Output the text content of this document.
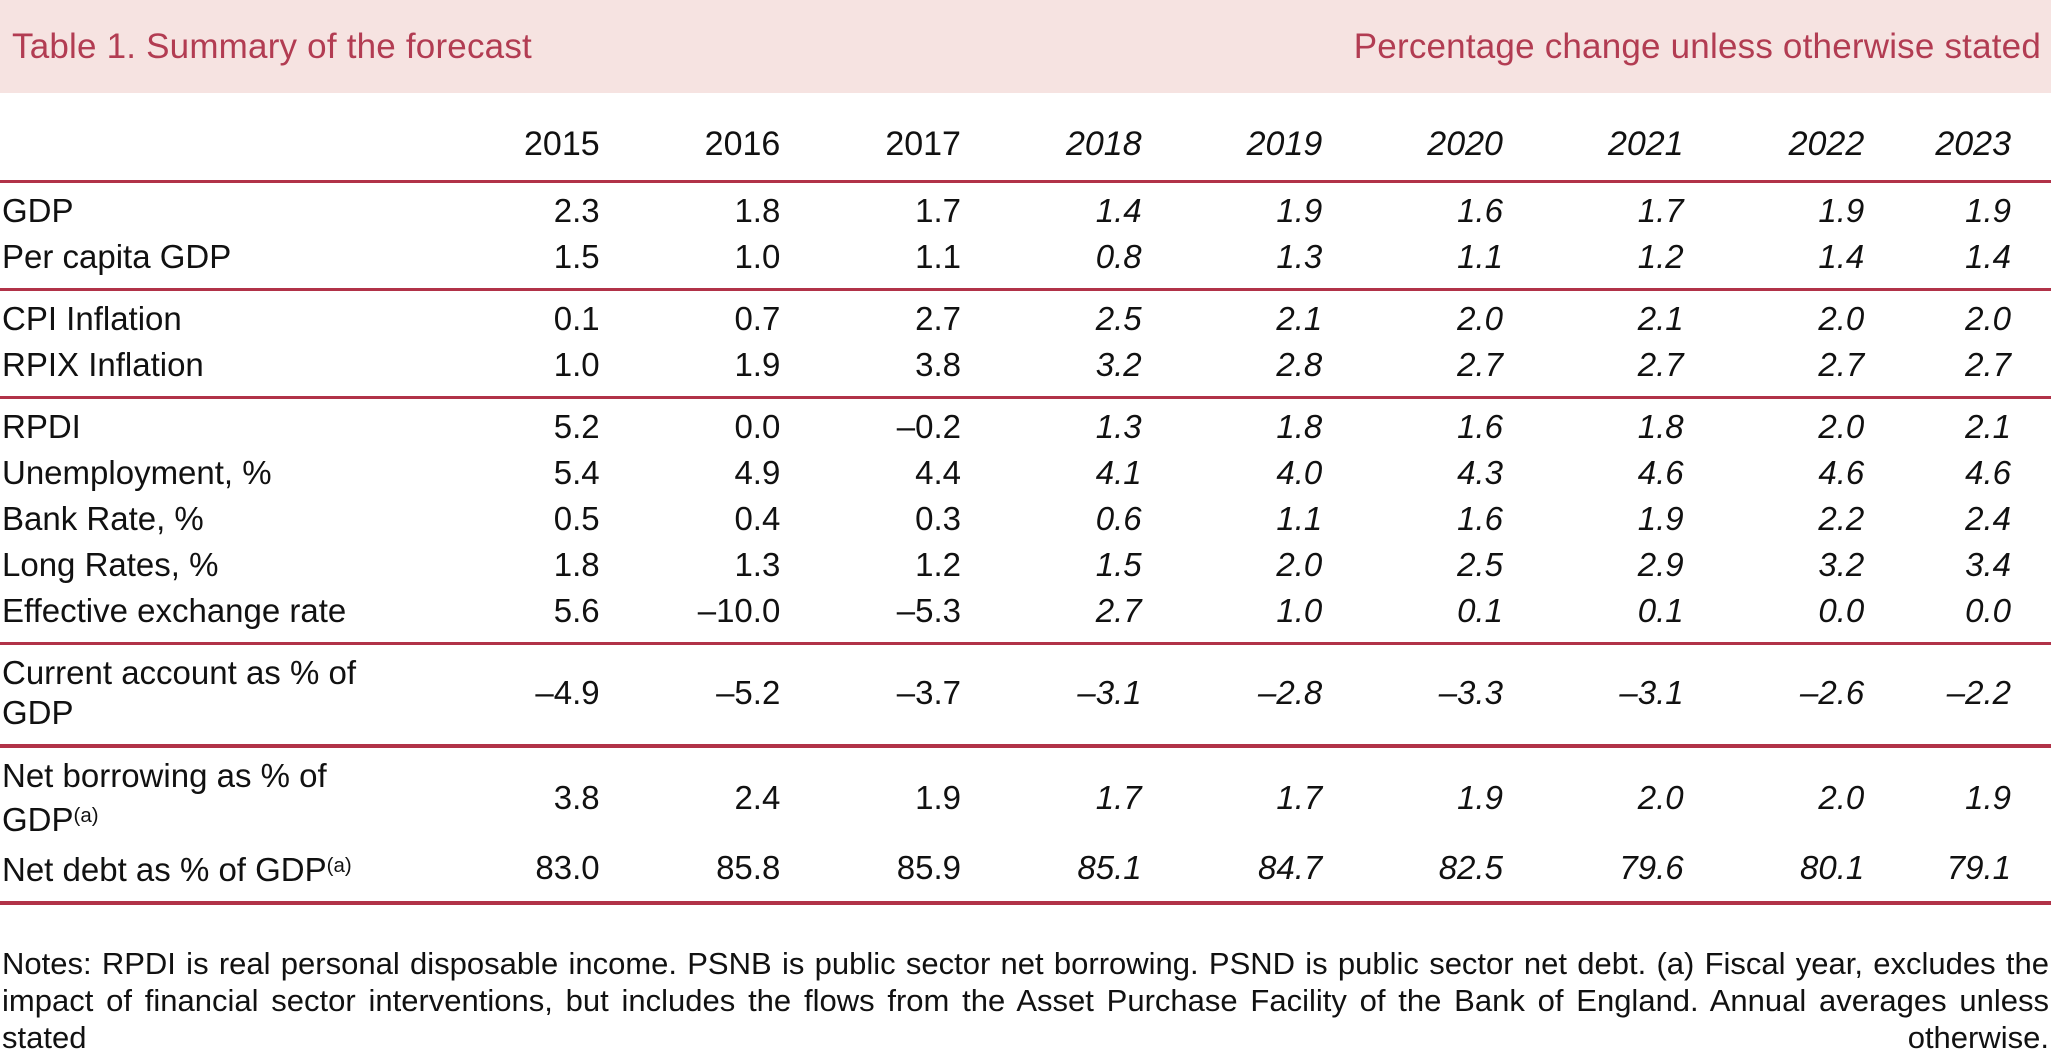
Table 1. Summary of the forecast	Percentage change unless otherwise stated
	2015	2016	2017	2018	2019	2020	2021	2022	2023
GDP	2.3	1.8	1.7	1.4	1.9	1.6	1.7	1.9	1.9
Per capita GDP	1.5	1.0	1.1	0.8	1.3	1.1	1.2	1.4	1.4
CPI Inflation	0.1	0.7	2.7	2.5	2.1	2.0	2.1	2.0	2.0
RPIX Inflation	1.0	1.9	3.8	3.2	2.8	2.7	2.7	2.7	2.7
RPDI	5.2	0.0	–0.2	1.3	1.8	1.6	1.8	2.0	2.1
Unemployment, %	5.4	4.9	4.4	4.1	4.0	4.3	4.6	4.6	4.6
Bank Rate, %	0.5	0.4	0.3	0.6	1.1	1.6	1.9	2.2	2.4
Long Rates, %	1.8	1.3	1.2	1.5	2.0	2.5	2.9	3.2	3.4
Effective exchange rate	5.6	–10.0	–5.3	2.7	1.0	0.1	0.1	0.0	0.0
Current account as % of GDP	–4.9	–5.2	–3.7	–3.1	–2.8	–3.3	–3.1	–2.6	–2.2
Net borrowing as % of GDP$^{(a)}$	3.8	2.4	1.9	1.7	1.7	1.9	2.0	2.0	1.9
Net debt as % of GDP$^{(a)}$	83.0	85.8	85.9	85.1	84.7	82.5	79.6	80.1	79.1

Notes: RPDI is real personal disposable income. PSNB is public sector net borrowing. PSND is public sector net debt. (a) Fiscal year, excludes the impact of financial sector interventions, but includes the flows from the Asset Purchase Facility of the Bank of England. Annual averages unless stated otherwise.
